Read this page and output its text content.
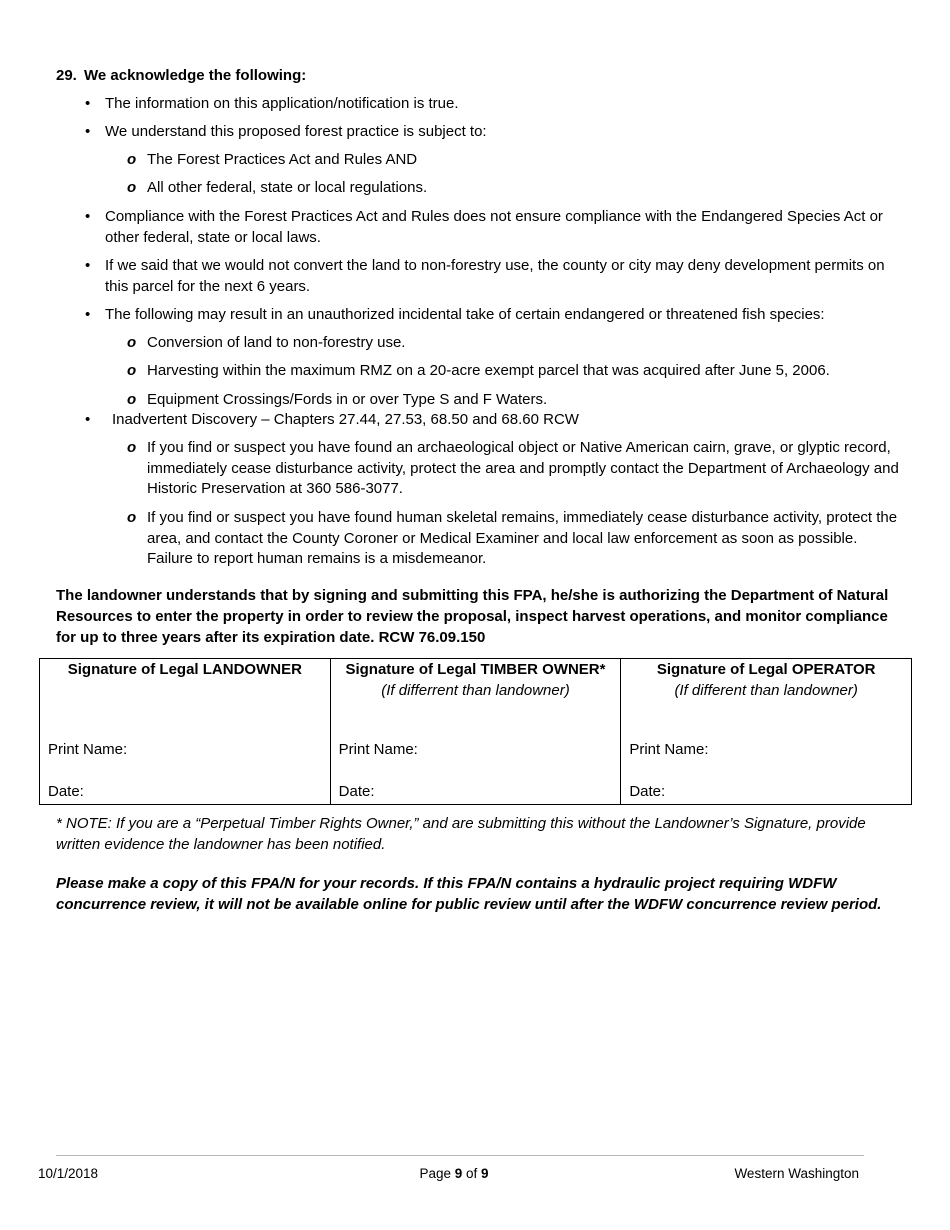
29. We acknowledge the following:
• The information on this application/notification is true.
• We understand this proposed forest practice is subject to:
o The Forest Practices Act and Rules AND
o All other federal, state or local regulations.
• Compliance with the Forest Practices Act and Rules does not ensure compliance with the Endangered Species Act or other federal, state or local laws.
• If we said that we would not convert the land to non-forestry use, the county or city may deny development permits on this parcel for the next 6 years.
• The following may result in an unauthorized incidental take of certain endangered or threatened fish species:
o Conversion of land to non-forestry use.
o Harvesting within the maximum RMZ on a 20-acre exempt parcel that was acquired after June 5, 2006.
o Equipment Crossings/Fords in or over Type S and F Waters.
• Inadvertent Discovery – Chapters 27.44, 27.53, 68.50 and 68.60 RCW
o If you find or suspect you have found an archaeological object or Native American cairn, grave, or glyptic record, immediately cease disturbance activity, protect the area and promptly contact the Department of Archaeology and Historic Preservation at 360 586-3077.
o If you find or suspect you have found human skeletal remains, immediately cease disturbance activity, protect the area, and contact the County Coroner or Medical Examiner and local law enforcement as soon as possible. Failure to report human remains is a misdemeanor.
The landowner understands that by signing and submitting this FPA, he/she is authorizing the Department of Natural Resources to enter the property in order to review the proposal, inspect harvest operations, and monitor compliance for up to three years after its expiration date. RCW 76.09.150
Signature of Legal LANDOWNER
Print Name:
Date:

Signature of Legal TIMBER OWNER*
(If differrent than landowner)
Print Name:
Date:

Signature of Legal OPERATOR
(If different than landowner)
Print Name:
Date:
* NOTE: If you are a “Perpetual Timber Rights Owner,” and are submitting this without the Landowner’s Signature, provide written evidence the landowner has been notified.
Please make a copy of this FPA/N for your records. If this FPA/N contains a hydraulic project requiring WDFW concurrence review, it will not be available online for public review until after the WDFW concurrence review period.
10/1/2018	Page 9 of 9	Western Washington
